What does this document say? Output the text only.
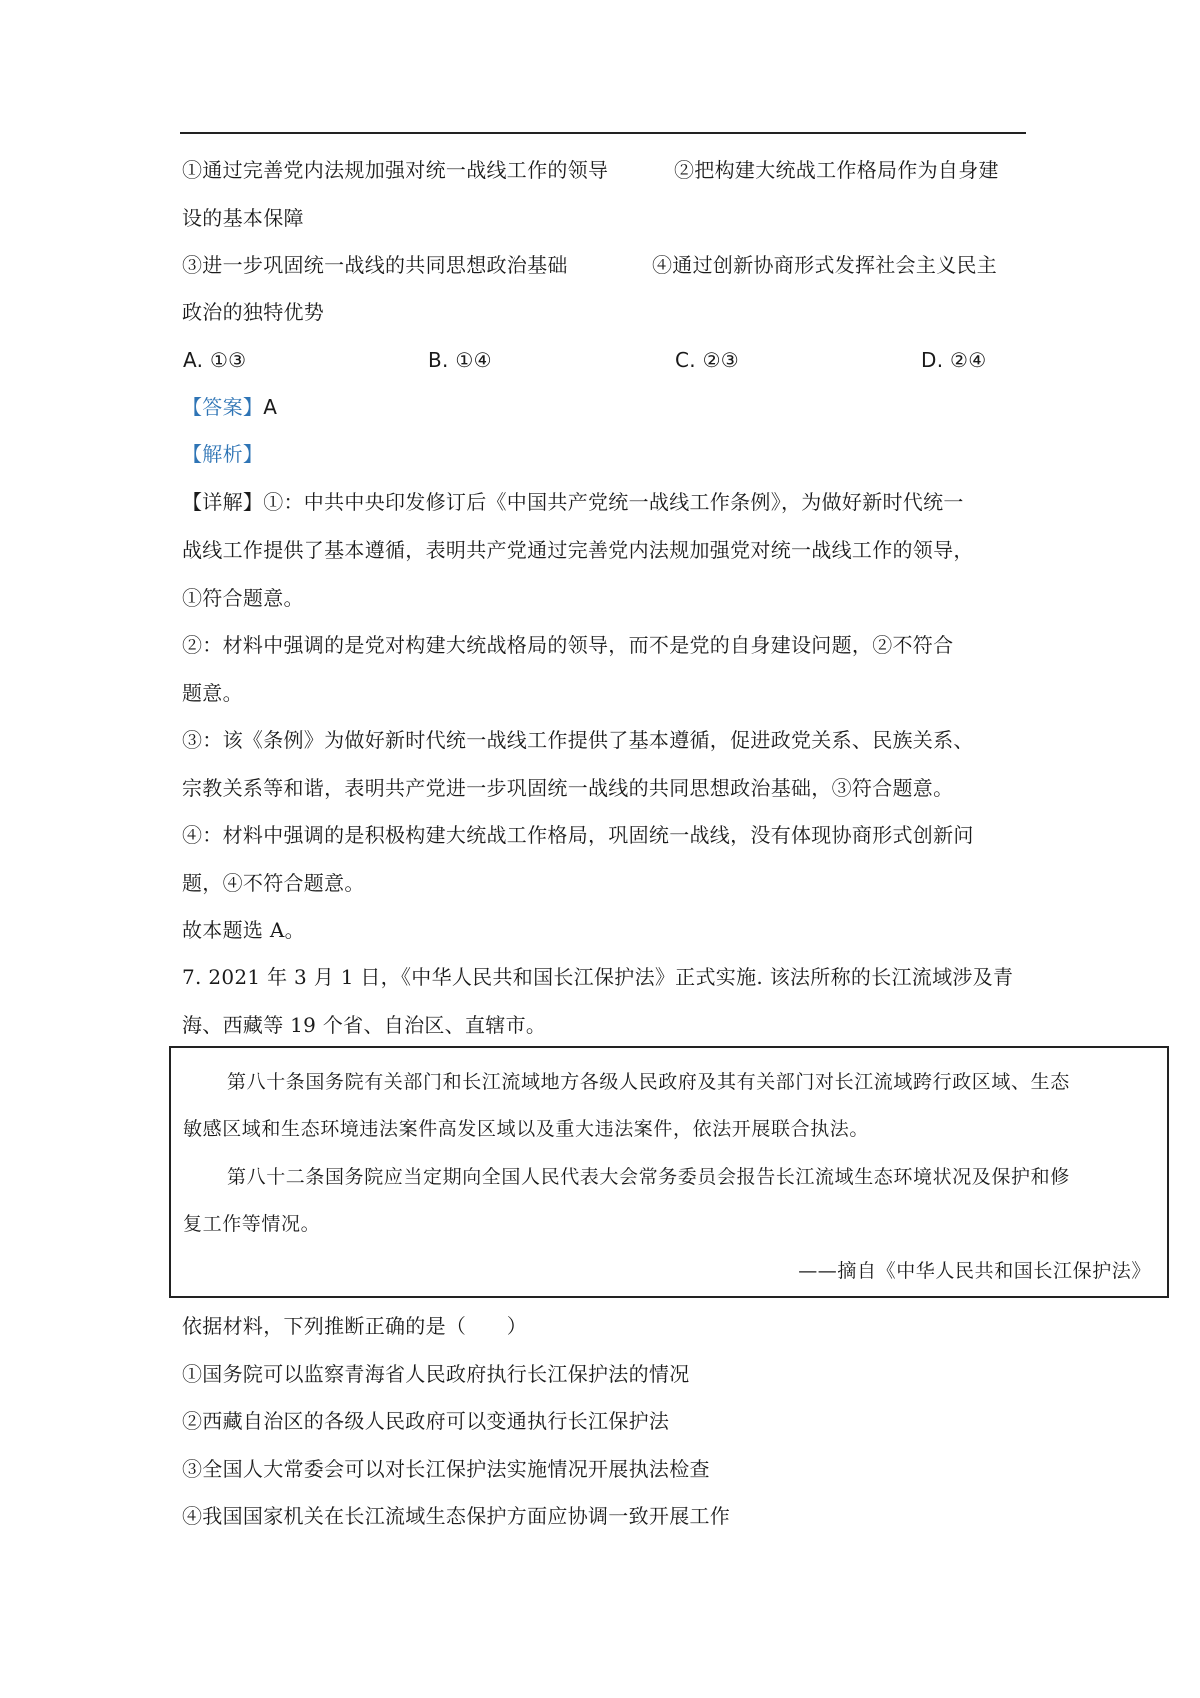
①通过完善党内法规加强对统一战线工作的领导	②把构建大统战工作格局作为自身建
设的基本保障
③进一步巩固统一战线的共同思想政治基础	④通过创新协商形式发挥社会主义民主
政治的独特优势
A. ①③	B. ①④	C. ②③	D. ②④
【答案】A
【解析】
【详解】①：中共中央印发修订后《中国共产党统一战线工作条例》，为做好新时代统一
战线工作提供了基本遵循，表明共产党通过完善党内法规加强党对统一战线工作的领导，
①符合题意。
②：材料中强调的是党对构建大统战格局的领导，而不是党的自身建设问题，②不符合
题意。
③：该《条例》为做好新时代统一战线工作提供了基本遵循，促进政党关系、民族关系、
宗教关系等和谐，表明共产党进一步巩固统一战线的共同思想政治基础，③符合题意。
④：材料中强调的是积极构建大统战工作格局，巩固统一战线，没有体现协商形式创新问
题，④不符合题意。
故本题选 A。
7. 2021 年 3 月 1 日，《中华人民共和国长江保护法》正式实施. 该法所称的长江流域涉及青
海、西藏等 19 个省、自治区、直辖市。
第八十条国务院有关部门和长江流域地方各级人民政府及其有关部门对长江流域跨行政区域、生态
敏感区域和生态环境违法案件高发区域以及重大违法案件，依法开展联合执法。
第八十二条国务院应当定期向全国人民代表大会常务委员会报告长江流域生态环境状况及保护和修
复工作等情况。
——摘自《中华人民共和国长江保护法》
依据材料，下列推断正确的是（　　）
①国务院可以监察青海省人民政府执行长江保护法的情况
②西藏自治区的各级人民政府可以变通执行长江保护法
③全国人大常委会可以对长江保护法实施情况开展执法检查
④我国国家机关在长江流域生态保护方面应协调一致开展工作
